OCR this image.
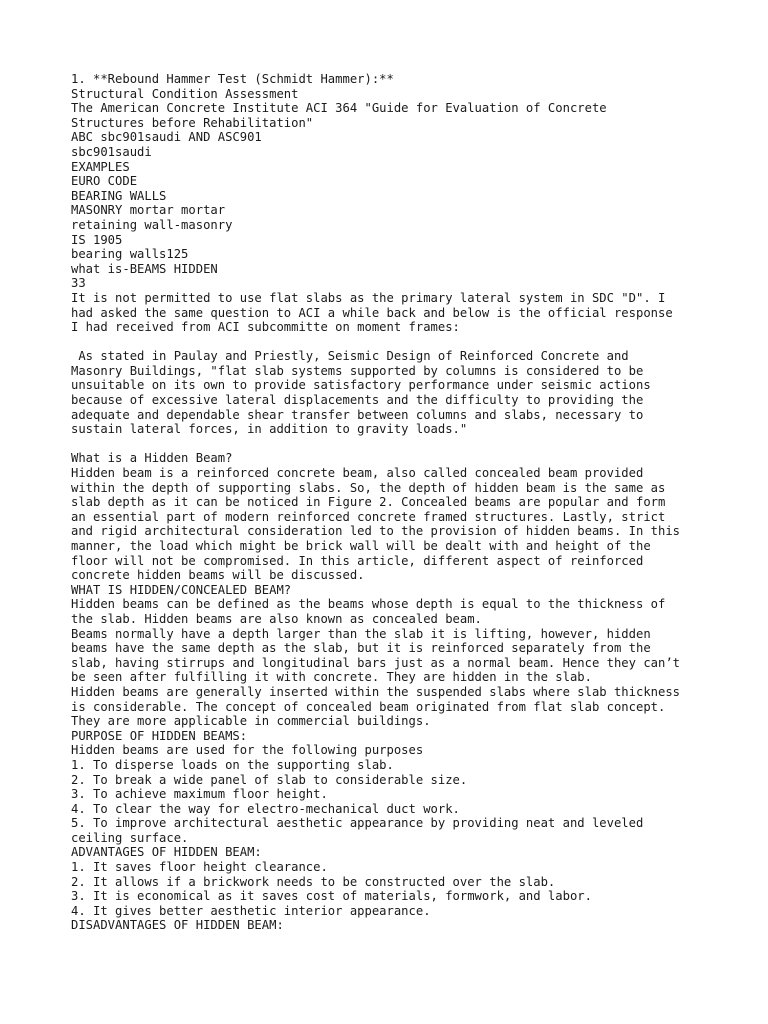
1. **Rebound Hammer Test (Schmidt Hammer):**
Structural Condition Assessment
The American Concrete Institute ACI 364 "Guide for Evaluation of Concrete
Structures before Rehabilitation"
ABC sbc901saudi AND ASC901
sbc901saudi
EXAMPLES
EURO CODE
BEARING WALLS
MASONRY mortar mortar
retaining wall-masonry
IS 1905
bearing walls125
what is-BEAMS HIDDEN
33
It is not permitted to use flat slabs as the primary lateral system in SDC "D". I
had asked the same question to ACI a while back and below is the official response
I had received from ACI subcommitte on moment frames:
As stated in Paulay and Priestly, Seismic Design of Reinforced Concrete and
Masonry Buildings, "flat slab systems supported by columns is considered to be
unsuitable on its own to provide satisfactory performance under seismic actions
because of excessive lateral displacements and the difficulty to providing the
adequate and dependable shear transfer between columns and slabs, necessary to
sustain lateral forces, in addition to gravity loads."
What is a Hidden Beam?
Hidden beam is a reinforced concrete beam, also called concealed beam provided
within the depth of supporting slabs. So, the depth of hidden beam is the same as
slab depth as it can be noticed in Figure 2. Concealed beams are popular and form
an essential part of modern reinforced concrete framed structures. Lastly, strict
and rigid architectural consideration led to the provision of hidden beams. In this
manner, the load which might be brick wall will be dealt with and height of the
floor will not be compromised. In this article, different aspect of reinforced
concrete hidden beams will be discussed.
WHAT IS HIDDEN/CONCEALED BEAM?
Hidden beams can be defined as the beams whose depth is equal to the thickness of
the slab. Hidden beams are also known as concealed beam.
Beams normally have a depth larger than the slab it is lifting, however, hidden
beams have the same depth as the slab, but it is reinforced separately from the
slab, having stirrups and longitudinal bars just as a normal beam. Hence they can’t
be seen after fulfilling it with concrete. They are hidden in the slab.
Hidden beams are generally inserted within the suspended slabs where slab thickness
is considerable. The concept of concealed beam originated from flat slab concept.
They are more applicable in commercial buildings.
PURPOSE OF HIDDEN BEAMS:
Hidden beams are used for the following purposes
1. To disperse loads on the supporting slab.
2. To break a wide panel of slab to considerable size.
3. To achieve maximum floor height.
4. To clear the way for electro-mechanical duct work.
5. To improve architectural aesthetic appearance by providing neat and leveled
ceiling surface.
ADVANTAGES OF HIDDEN BEAM:
1. It saves floor height clearance.
2. It allows if a brickwork needs to be constructed over the slab.
3. It is economical as it saves cost of materials, formwork, and labor.
4. It gives better aesthetic interior appearance.
DISADVANTAGES OF HIDDEN BEAM:
